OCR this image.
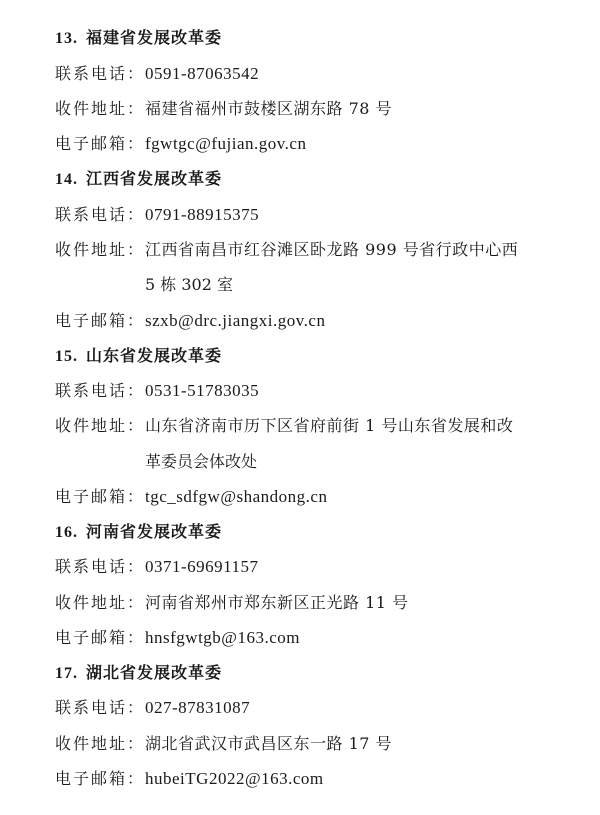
13. 福建省发展改革委
联系电话：0591-87063542
收件地址：福建省福州市鼓楼区湖东路 78 号
电子邮箱：fgwtgc@fujian.gov.cn
14. 江西省发展改革委
联系电话：0791-88915375
收件地址：江西省南昌市红谷滩区卧龙路 999 号省行政中心西
5 栋 302 室
电子邮箱：szxb@drc.jiangxi.gov.cn
15. 山东省发展改革委
联系电话：0531-51783035
收件地址：山东省济南市历下区省府前街 1 号山东省发展和改
革委员会体改处
电子邮箱：tgc_sdfgw@shandong.cn
16. 河南省发展改革委
联系电话：0371-69691157
收件地址：河南省郑州市郑东新区正光路 11 号
电子邮箱：hnsfgwtgb@163.com
17. 湖北省发展改革委
联系电话：027-87831087
收件地址：湖北省武汉市武昌区东一路 17 号
电子邮箱：hubeiTG2022@163.com
